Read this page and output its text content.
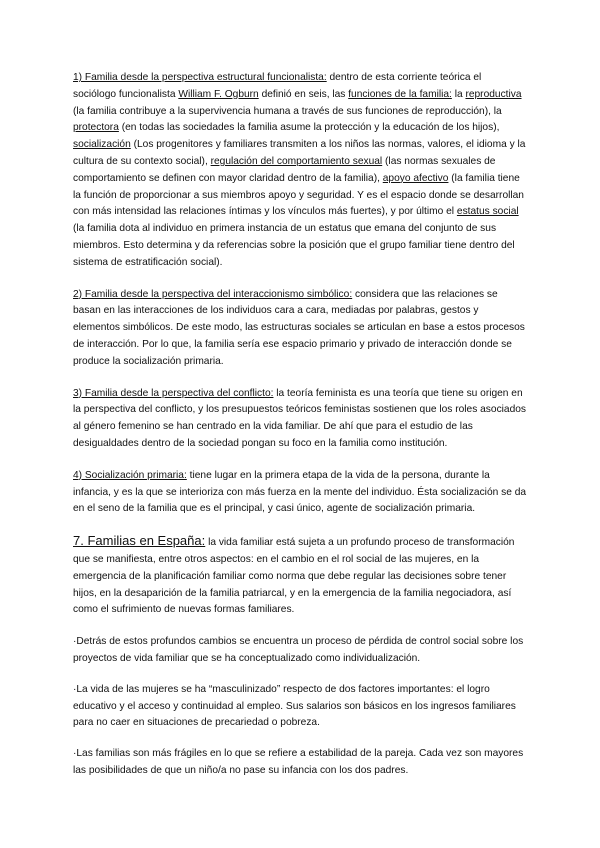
1) Familia desde la perspectiva estructural funcionalista: dentro de esta corriente teórica el sociólogo funcionalista William F. Ogburn definió en seis, las funciones de la familia: la reproductiva (la familia contribuye a la supervivencia humana a través de sus funciones de reproducción), la protectora (en todas las sociedades la familia asume la protección y la educación de los hijos), socialización (Los progenitores y familiares transmiten a los niños las normas, valores, el idioma y la cultura de su contexto social), regulación del comportamiento sexual (las normas sexuales de comportamiento se definen con mayor claridad dentro de la familia), apoyo afectivo (la familia tiene la función de proporcionar a sus miembros apoyo y seguridad. Y es el espacio donde se desarrollan con más intensidad las relaciones íntimas y los vínculos más fuertes), y por último el estatus social (la familia dota al individuo en primera instancia de un estatus que emana del conjunto de sus miembros. Esto determina y da referencias sobre la posición que el grupo familiar tiene dentro del sistema de estratificación social).

2) Familia desde la perspectiva del interaccionismo simbólico: considera que las relaciones se basan en las interacciones de los individuos cara a cara, mediadas por palabras, gestos y elementos simbólicos. De este modo, las estructuras sociales se articulan en base a estos procesos de interacción. Por lo que, la familia sería ese espacio primario y privado de interacción donde se produce la socialización primaria.

3) Familia desde la perspectiva del conflicto: la teoría feminista es una teoría que tiene su origen en la perspectiva del conflicto, y los presupuestos teóricos feministas sostienen que los roles asociados al género femenino se han centrado en la vida familiar. De ahí que para el estudio de las desigualdades dentro de la sociedad pongan su foco en la familia como institución.

4) Socialización primaria: tiene lugar en la primera etapa de la vida de la persona, durante la infancia, y es la que se interioriza con más fuerza en la mente del individuo. Ésta socialización se da en el seno de la familia que es el principal, y casi único, agente de socialización primaria.

7. Familias en España: la vida familiar está sujeta a un profundo proceso de transformación que se manifiesta, entre otros aspectos: en el cambio en el rol social de las mujeres, en la emergencia de la planificación familiar como norma que debe regular las decisiones sobre tener hijos, en la desaparición de la familia patriarcal, y en la emergencia de la familia negociadora, así como el sufrimiento de nuevas formas familiares.

·Detrás de estos profundos cambios se encuentra un proceso de pérdida de control social sobre los proyectos de vida familiar que se ha conceptualizado como individualización.

·La vida de las mujeres se ha “masculinizado” respecto de dos factores importantes: el logro educativo y el acceso y continuidad al empleo. Sus salarios son básicos en los ingresos familiares para no caer en situaciones de precariedad o pobreza.

·Las familias son más frágiles en lo que se refiere a estabilidad de la pareja. Cada vez son mayores las posibilidades de que un niño/a no pase su infancia con los dos padres.
